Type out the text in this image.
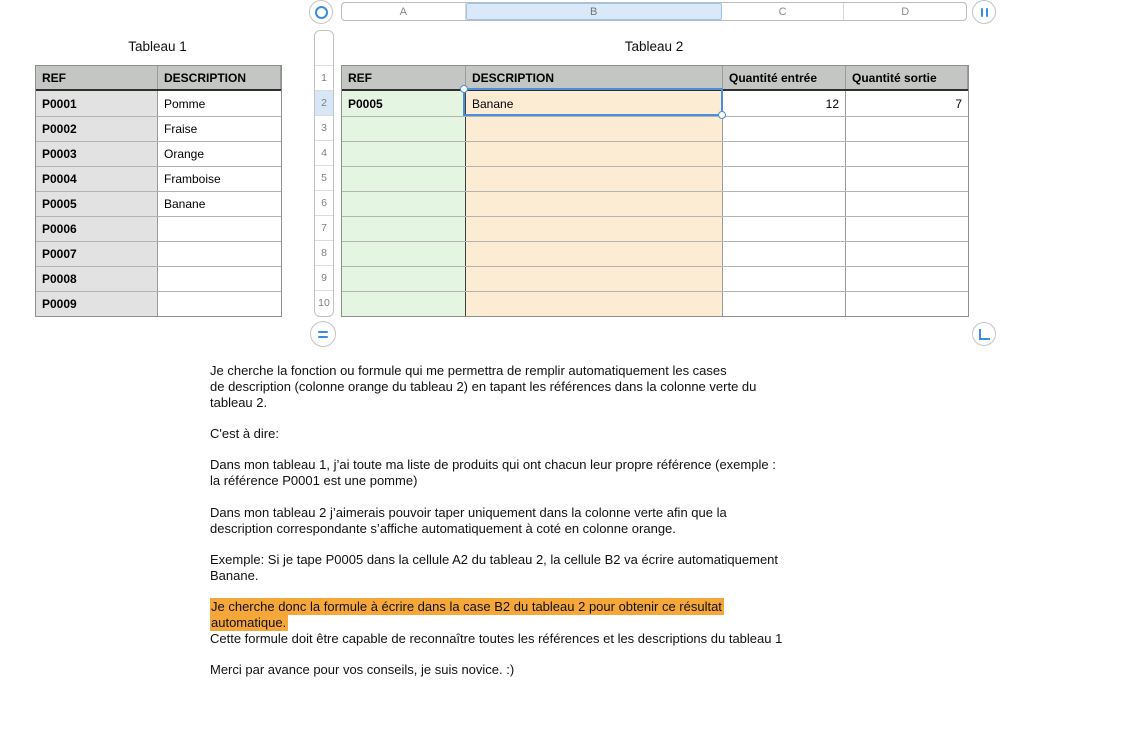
A	B	C	D
1
2
3
4
5
6
7
8
9
10
Tableau 1	Tableau 2
REF	DESCRIPTION
P0001	Pomme
P0002	Fraise
P0003	Orange
P0004	Framboise
P0005	Banane
P0006
P0007
P0008
P0009
REF	DESCRIPTION	Quantité entrée	Quantité sortie
P0005	Banane	12	7

Je cherche la fonction ou formule qui me permettra de remplir automatiquement les cases
de description (colonne orange du tableau 2) en tapant les références dans la colonne verte du
tableau 2.

C'est à dire:

Dans mon tableau 1, j’ai toute ma liste de produits qui ont chacun leur propre référence (exemple :
la référence P0001 est une pomme)

Dans mon tableau 2 j’aimerais pouvoir taper uniquement dans la colonne verte afin que la
description correspondante s’affiche automatiquement à coté en colonne orange.

Exemple: Si je tape P0005 dans la cellule A2 du tableau 2, la cellule B2 va écrire automatiquement
Banane.

Je cherche donc la formule à écrire dans la case B2 du tableau 2 pour obtenir ce résultat
automatique.

Cette formule doit être capable de reconnaître toutes les références et les descriptions du tableau 1

Merci par avance pour vos conseils, je suis novice. :)
